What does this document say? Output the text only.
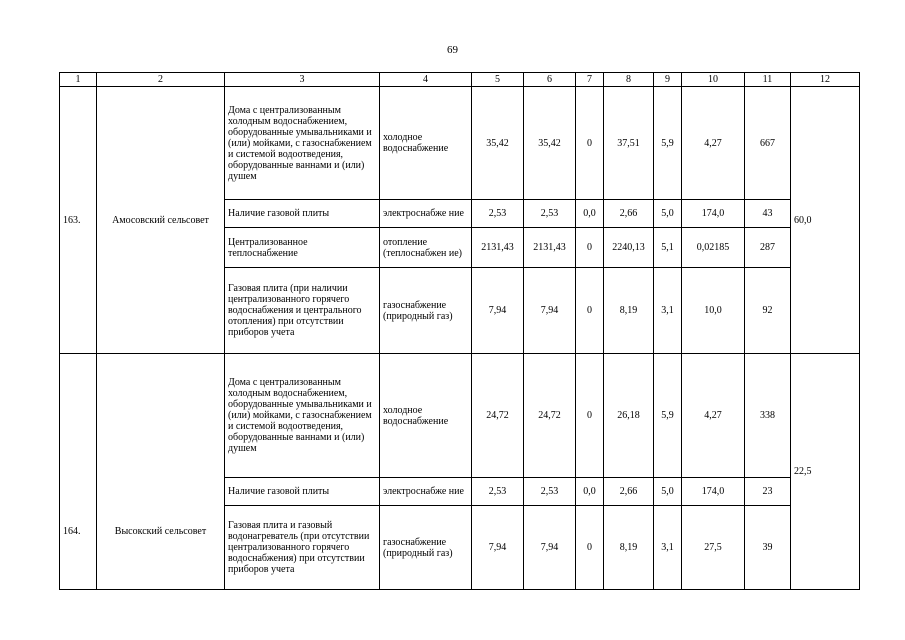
69
1	2	3	4	5	6	7	8	9	10	11	12
163.	Амосовский сельсовет	Дома с централизованным холодным водоснабжением, оборудованные умывальниками и (или) мойками, с газоснабжением и системой водоотведения, оборудованные ваннами и (или) душем	холодное водоснабжение	35,42	35,42	0	37,51	5,9	4,27	667	60,0
		Наличие газовой плиты	электроснабже ние	2,53	2,53	0,0	2,66	5,0	174,0	43	
		Централизованное теплоснабжение	отопление (теплоснабжен ие)	2131,43	2131,43	0	2240,13	5,1	0,02185	287	
		Газовая плита (при наличии централизованного горячего водоснабжения и центрального отопления) при отсутствии приборов учета	газоснабжение (природный газ)	7,94	7,94	0	8,19	3,1	10,0	92	
164.	Высокский сельсовет	Дома с централизованным холодным водоснабжением, оборудованные умывальниками и (или) мойками, с газоснабжением и системой водоотведения, оборудованные ваннами и (или) душем	холодное водоснабжение	24,72	24,72	0	26,18	5,9	4,27	338	22,5
		Наличие газовой плиты	электроснабже ние	2,53	2,53	0,0	2,66	5,0	174,0	23	
		Газовая плита и газовый водонагреватель (при отсутствии централизованного горячего водоснабжения) при отсутствии приборов учета	газоснабжение (природный газ)	7,94	7,94	0	8,19	3,1	27,5	39	
